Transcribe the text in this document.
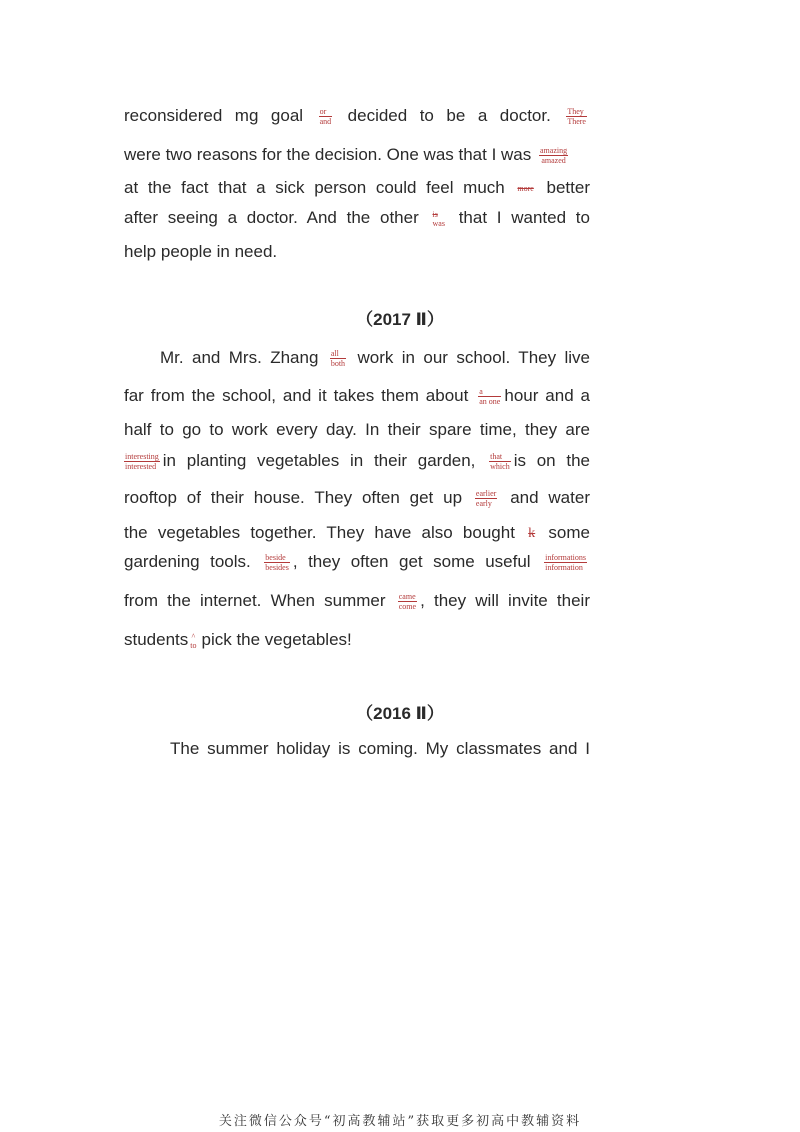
reconsidered mg goal or
and decided to be a doctor. They
There
were two reasons for the decision. One was that I was amazing
amazed
at the fact that a sick person could feel much more better
after seeing a doctor. And the other is
was that I wanted to
help people in need.
（2017 Ⅱ）
Mr. and Mrs. Zhang all
both work in our school. They live
far from the school, and it takes them about a
an one hour and a
half to go to work every day. In their spare time, they are
interesting
interested in planting vegetables in their garden, that
which is on the
rooftop of their house. They often get up earlier
early	and water
the vegetables together. They have also bought k some
gardening tools. beside
besides , they often get some useful informations
information
from the internet. When summer came
come , they will invite their
students ^
to pick the vegetables!
（2016 Ⅱ）
The summer holiday is coming. My classmates and I
关注微信公众号“初高教辅站”获取更多初高中教辅资料
